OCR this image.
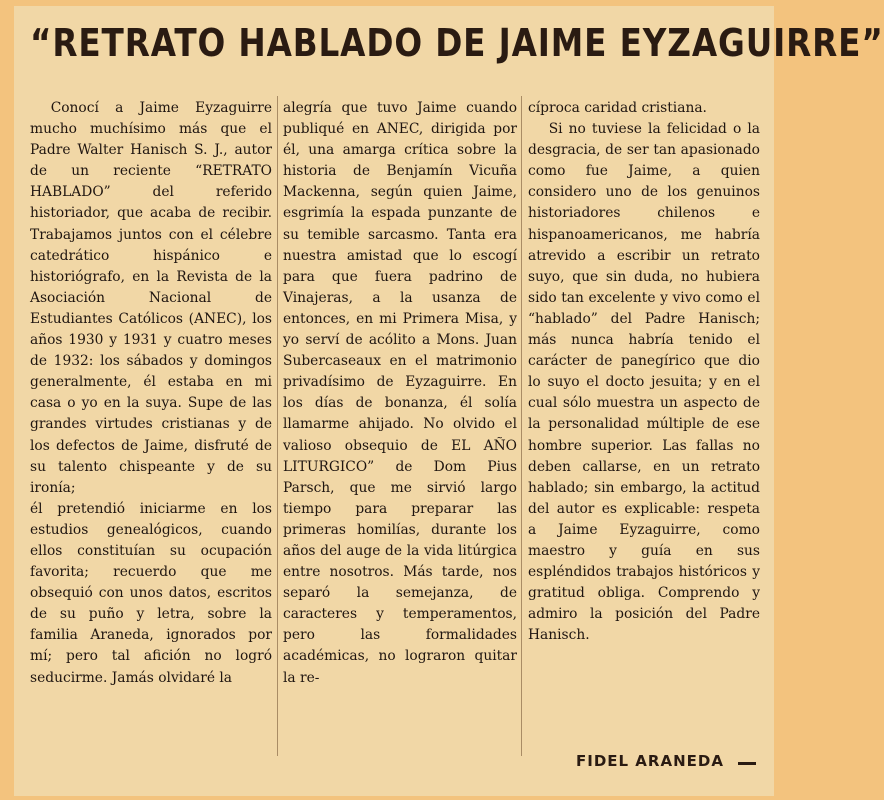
“RETRATO HABLADO DE JAIME EYZAGUIRRE”

Conocí a Jaime Eyzaguirre mucho muchísimo más que el Padre Walter Hanisch S. J., autor de un reciente “RETRATO HABLADO” del referido historiador, que acaba de recibir. Trabajamos juntos con el célebre catedrático hispánico e historiógrafo, en la Revista de la Asociación Nacional de Estudiantes Católicos (ANEC), los años 1930 y 1931 y cuatro meses de 1932: los sábados y domingos generalmente, él estaba en mi casa o yo en la suya. Supe de las grandes virtudes cristianas y de los defectos de Jaime, disfruté de su talento chispeante y de su ironía;

él pretendió iniciarme en los estudios genealógicos, cuando ellos constituían su ocupación favorita; recuerdo que me obsequió con unos datos, escritos de su puño y letra, sobre la familia Araneda, ignorados por mí; pero tal afición no logró seducirme. Jamás olvidaré la

alegría que tuvo Jaime cuando publiqué en ANEC, dirigida por él, una amarga crítica sobre la historia de Benjamín Vicuña Mackenna, según quien Jaime, esgrimía la espada punzante de su temible sarcasmo. Tanta era nuestra amistad que lo escogí para que fuera padrino de Vinajeras, a la usanza de entonces, en mi Primera Misa, y yo serví de acólito a Mons. Juan Subercaseaux en el matrimonio privadísimo de Eyzaguirre. En los días de bonanza, él solía llamarme ahijado. No olvido el valioso obsequio de EL AÑO LITURGICO” de Dom Pius Parsch, que me sirvió largo tiempo para preparar las primeras homilías, durante los años del auge de la vida litúrgica entre nosotros. Más tarde, nos separó la semejanza, de caracteres y temperamentos, pero las formalidades académicas, no lograron quitar la re-

cíproca caridad cristiana.

Si no tuviese la felicidad o la desgracia, de ser tan apasionado como fue Jaime, a quien considero uno de los genuinos historiadores chilenos e hispanoamericanos, me habría atrevido a escribir un retrato suyo, que sin duda, no hubiera sido tan excelente y vivo como el “hablado” del Padre Hanisch; más nunca habría tenido el carácter de panegírico que dio lo suyo el docto jesuita; y en el cual sólo muestra un aspecto de la personalidad múltiple de ese hombre superior. Las fallas no deben callarse, en un retrato hablado; sin embargo, la actitud del autor es explicable: respeta a Jaime Eyzaguirre, como maestro y guía en sus espléndidos trabajos históricos y gratitud obliga. Comprendo y admiro la posición del Padre Hanisch.

FIDEL ARANEDA
